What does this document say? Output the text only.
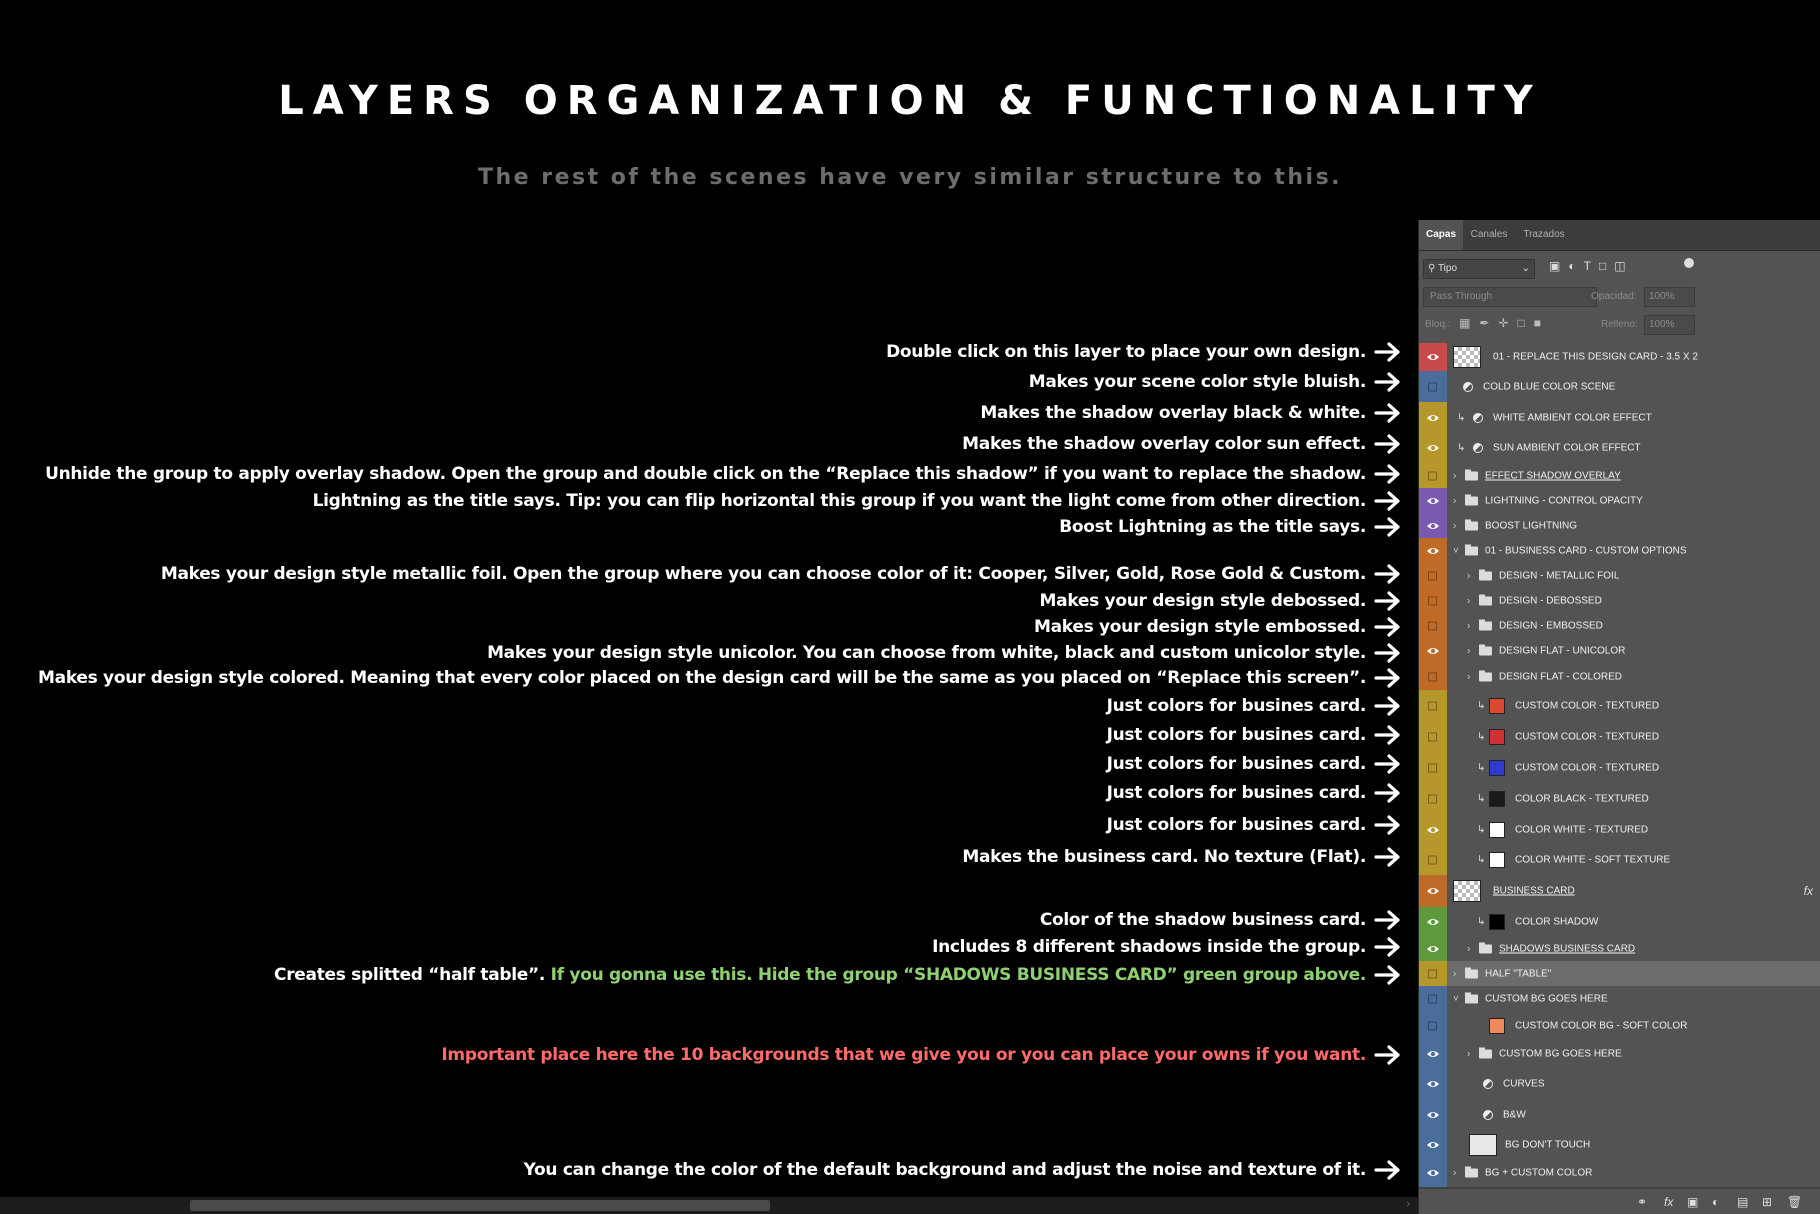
LAYERS ORGANIZATION & FUNCTIONALITY
The rest of the scenes have very similar structure to this.
Double click on this layer to place your own design.
Makes your scene color style bluish.
Makes the shadow overlay black & white.
Makes the shadow overlay color sun effect.
Unhide the group to apply overlay shadow. Open the group and double click on the “Replace this shadow” if you want to replace the shadow.
Lightning as the title says. Tip: you can flip horizontal this group if you want the light come from other direction.
Boost Lightning as the title says.
Makes your design style metallic foil. Open the group where you can choose color of it: Cooper, Silver, Gold, Rose Gold & Custom.
Makes your design style debossed.
Makes your design style embossed.
Makes your design style unicolor. You can choose from white, black and custom unicolor style.
Makes your design style colored. Meaning that every color placed on the design card will be the same as you placed on “Replace this screen”.
Just colors for busines card.
Just colors for busines card.
Just colors for busines card.
Just colors for busines card.
Just colors for busines card.
Makes the business card. No texture (Flat).
Color of the shadow business card.
Includes 8 different shadows inside the group.
Creates splitted “half table”. If you gonna use this. Hide the group “SHADOWS BUSINESS CARD” green group above.
Important place here the 10 backgrounds that we give you or you can place your owns if you want.
You can change the color of the default background and adjust the noise and texture of it.
›
Capas	Canales	Trazados
⚲ Tipo	⌄ ▣◐T□◫
Pass Through	Opacidad:	100%
Bloq.: ▦✒✛□■	Relleno:	100%
01 - REPLACE THIS DESIGN CARD - 3.5 X 2
COLD BLUE COLOR SCENE
↳	WHITE AMBIENT COLOR EFFECT
↳	SUN AMBIENT COLOR EFFECT
›	EFFECT SHADOW OVERLAY
›	LIGHTNING - CONTROL OPACITY
›	BOOST LIGHTNING
˅	01 - BUSINESS CARD - CUSTOM OPTIONS
›	DESIGN - METALLIC FOIL
›	DESIGN - DEBOSSED
›	DESIGN - EMBOSSED
›	DESIGN FLAT - UNICOLOR
›	DESIGN FLAT - COLORED
↳	CUSTOM COLOR - TEXTURED
↳	CUSTOM COLOR - TEXTURED
↳	CUSTOM COLOR - TEXTURED
↳	COLOR BLACK - TEXTURED
↳	COLOR WHITE - TEXTURED
↳	COLOR WHITE - SOFT TEXTURE
BUSINESS CARD	fx
↳	COLOR SHADOW
›	SHADOWS BUSINESS CARD
›	HALF "TABLE"
˅	CUSTOM BG GOES HERE
CUSTOM COLOR BG - SOFT COLOR
›	CUSTOM BG GOES HERE
CURVES
B&W
BG DON'T TOUCH
›	BG + CUSTOM COLOR
⚭ fx ▣ ◐ ▤ ⊞ 🗑
